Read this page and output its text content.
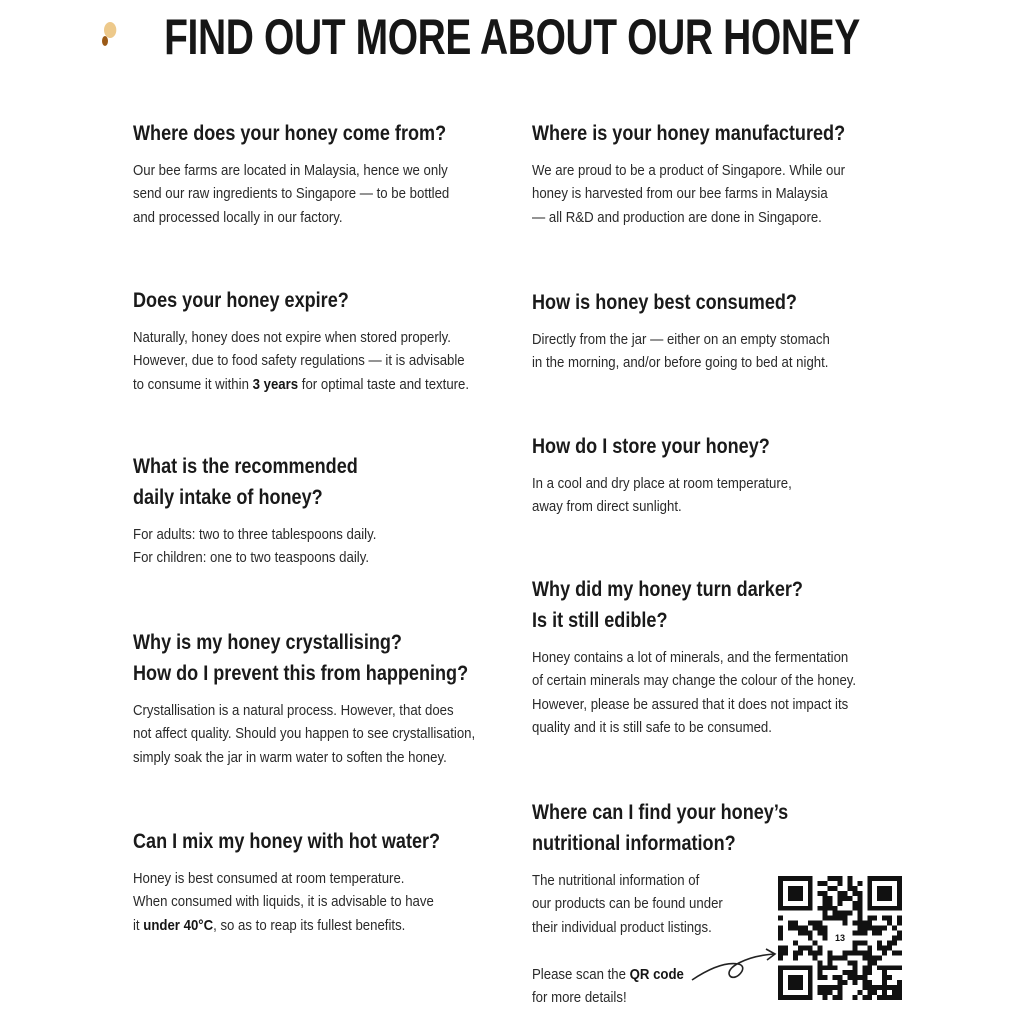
FIND OUT MORE ABOUT OUR HONEY
Where does your honey come from?
Our bee farms are located in Malaysia, hence we only
send our raw ingredients to Singapore — to be bottled
and processed locally in our factory.
Does your honey expire?
Naturally, honey does not expire when stored properly.
However, due to food safety regulations — it is advisable
to consume it within 3 years for optimal taste and texture.
What is the recommended
daily intake of honey?
For adults: two to three tablespoons daily.
For children: one to two teaspoons daily.
Why is my honey crystallising?
How do I prevent this from happening?
Crystallisation is a natural process. However, that does
not affect quality. Should you happen to see crystallisation,
simply soak the jar in warm water to soften the honey.
Can I mix my honey with hot water?
Honey is best consumed at room temperature.
When consumed with liquids, it is advisable to have
it under 40°C, so as to reap its fullest benefits.
Where is your honey manufactured?
We are proud to be a product of Singapore. While our
honey is harvested from our bee farms in Malaysia
— all R&D and production are done in Singapore.
How is honey best consumed?
Directly from the jar — either on an empty stomach
in the morning, and/or before going to bed at night.
How do I store your honey?
In a cool and dry place at room temperature,
away from direct sunlight.
Why did my honey turn darker?
Is it still edible?
Honey contains a lot of minerals, and the fermentation
of certain minerals may change the colour of the honey.
However, please be assured that it does not impact its
quality and it is still safe to be consumed.
Where can I find your honey’s
nutritional information?
The nutritional information of
our products can be found under
their individual product listings.
Please scan the QR code
for more details!
13
